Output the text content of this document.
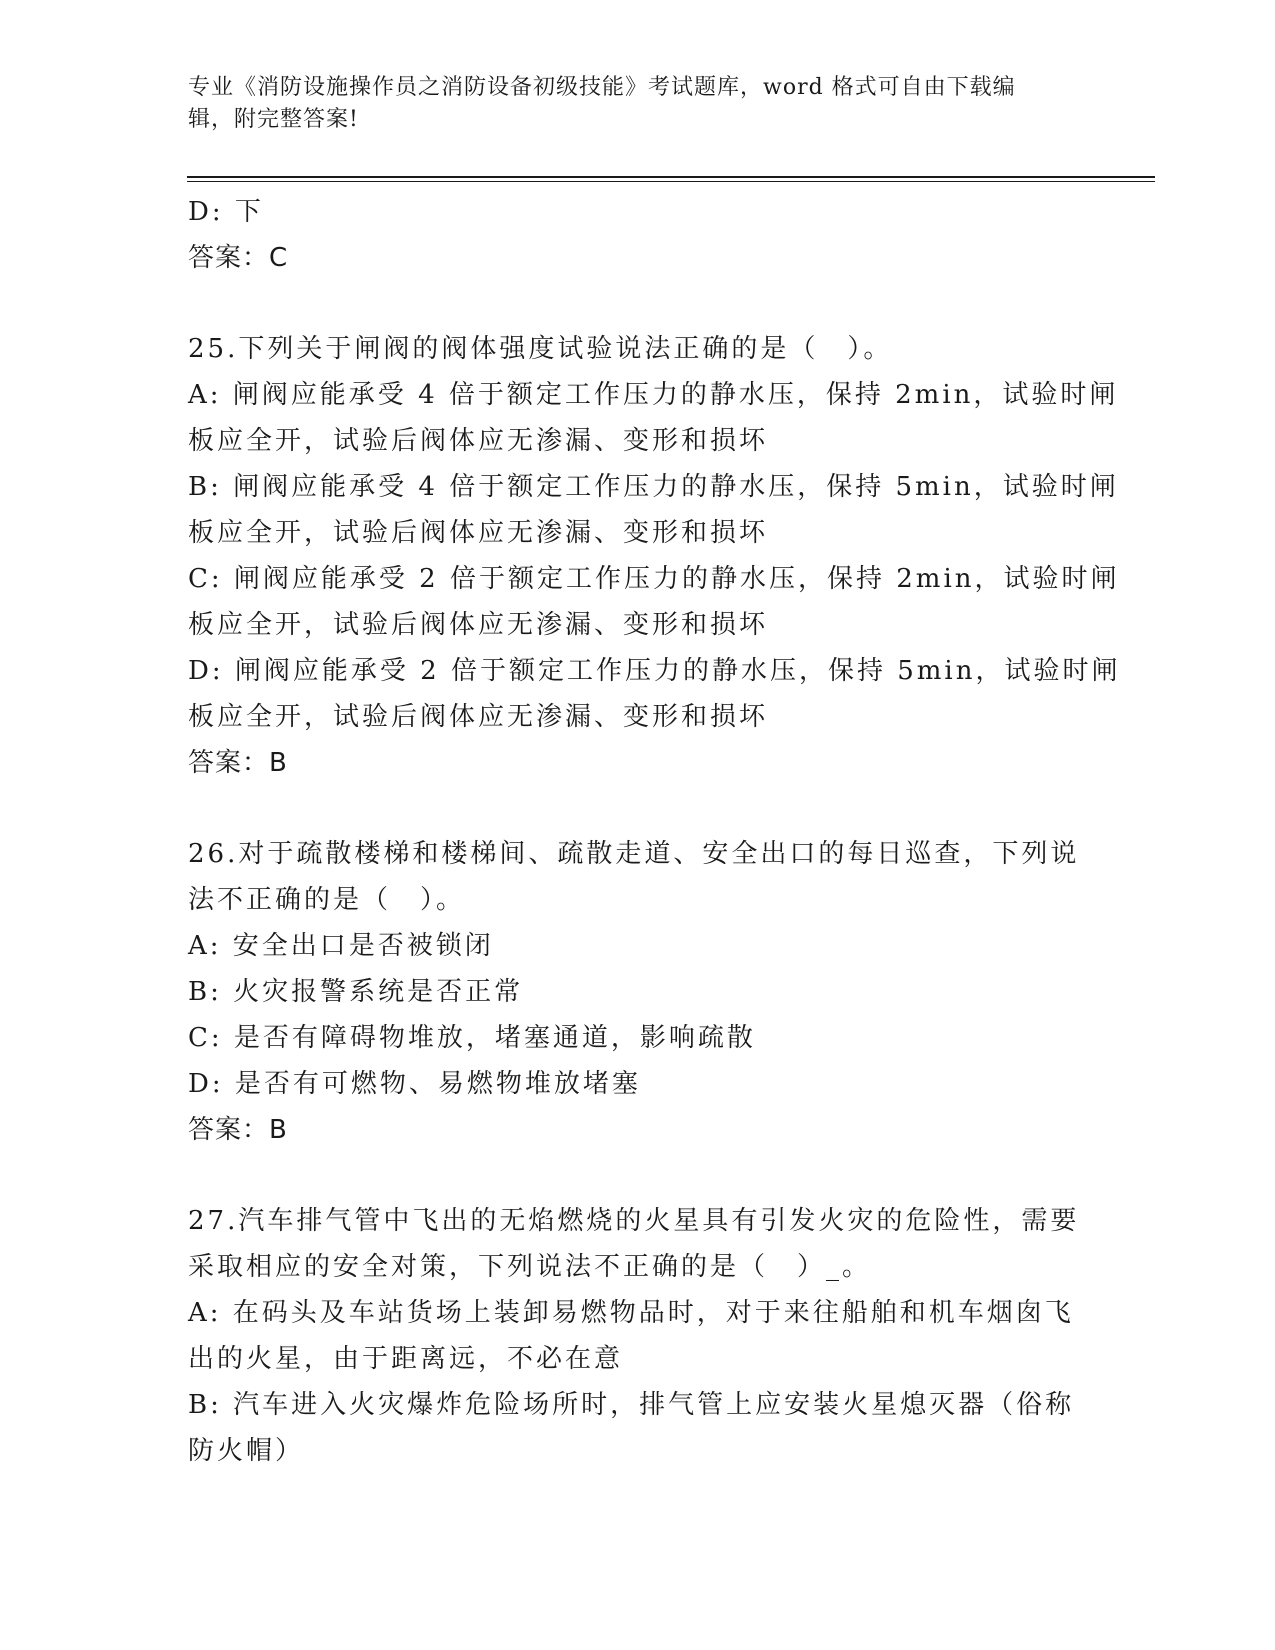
专业《消防设施操作员之消防设备初级技能》考试题库，word 格式可自由下载编
辑，附完整答案!
D: 下
答案：C
25.下列关于闸阀的阀体强度试验说法正确的是（　）。
A: 闸阀应能承受 4 倍于额定工作压力的静水压，保持 2min，试验时闸
板应全开，试验后阀体应无渗漏、变形和损坏
B: 闸阀应能承受 4 倍于额定工作压力的静水压，保持 5min，试验时闸
板应全开，试验后阀体应无渗漏、变形和损坏
C: 闸阀应能承受 2 倍于额定工作压力的静水压，保持 2min，试验时闸
板应全开，试验后阀体应无渗漏、变形和损坏
D: 闸阀应能承受 2 倍于额定工作压力的静水压，保持 5min，试验时闸
板应全开，试验后阀体应无渗漏、变形和损坏
答案：B
26.对于疏散楼梯和楼梯间、疏散走道、安全出口的每日巡查，下列说
法不正确的是（　）。
A: 安全出口是否被锁闭
B: 火灾报警系统是否正常
C: 是否有障碍物堆放，堵塞通道，影响疏散
D: 是否有可燃物、易燃物堆放堵塞
答案：B
27.汽车排气管中飞出的无焰燃烧的火星具有引发火灾的危险性，需要
采取相应的安全对策，下列说法不正确的是（　）_。
A: 在码头及车站货场上装卸易燃物品时，对于来往船舶和机车烟囱飞
出的火星，由于距离远，不必在意
B: 汽车进入火灾爆炸危险场所时，排气管上应安装火星熄灭器（俗称
防火帽）
